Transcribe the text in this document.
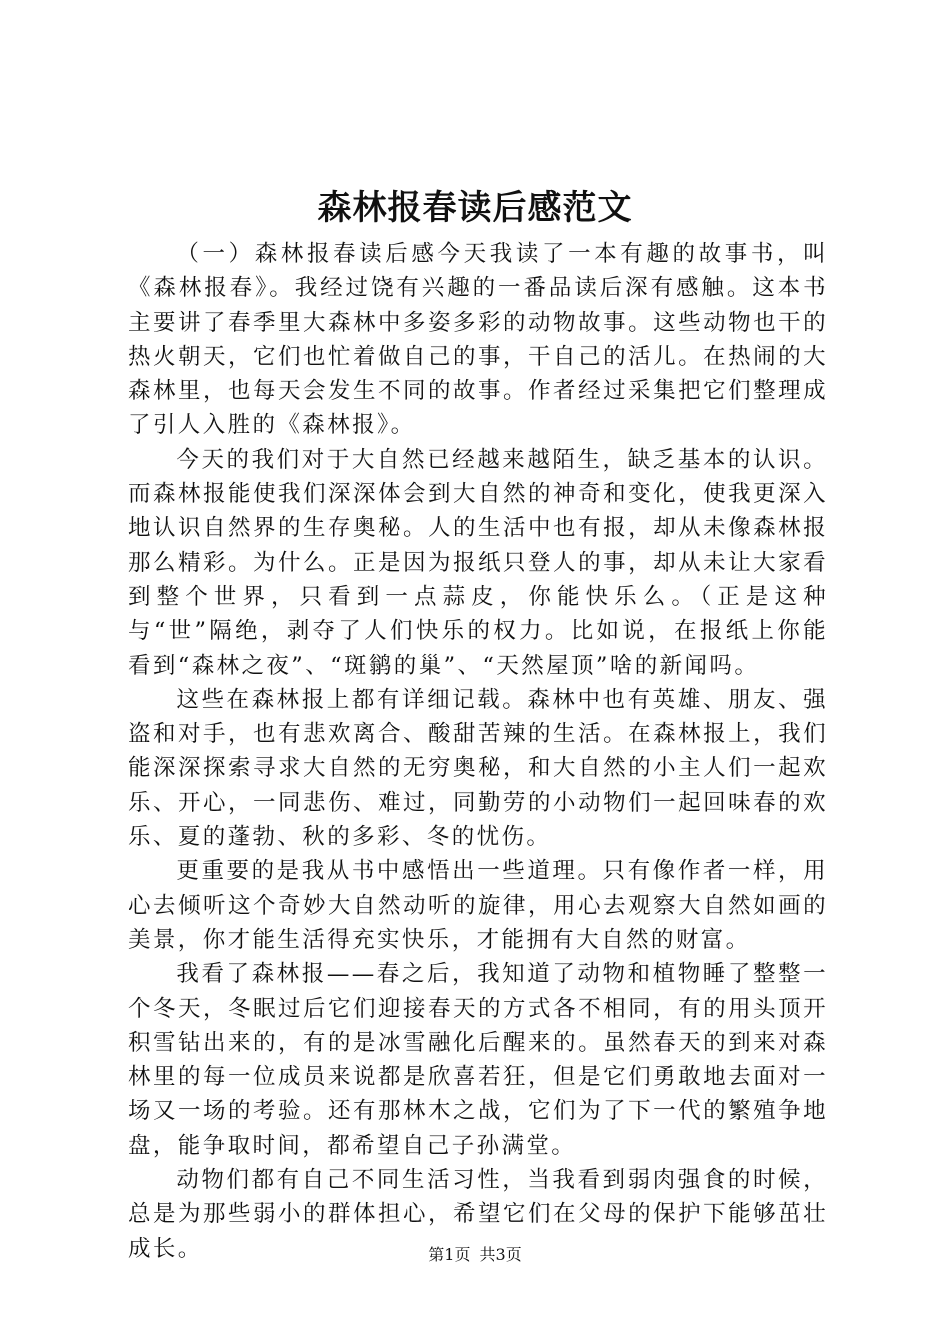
森林报春读后感范文

（一）森林报春读后感今天我读了一本有趣的故事书，叫《森林报春》。我经过饶有兴趣的一番品读后深有感触。这本书主要讲了春季里大森林中多姿多彩的动物故事。这些动物也干的热火朝天，它们也忙着做自己的事，干自己的活儿。在热闹的大森林里，也每天会发生不同的故事。作者经过采集把它们整理成了引人入胜的《森林报》。

今天的我们对于大自然已经越来越陌生，缺乏基本的认识。而森林报能使我们深深体会到大自然的神奇和变化，使我更深入地认识自然界的生存奥秘。人的生活中也有报，却从未像森林报那么精彩。为什么。正是因为报纸只登人的事，却从未让大家看到整个世界，只看到一点蒜皮，你能快乐么。（正是这种与“世”隔绝，剥夺了人们快乐的权力。比如说，在报纸上你能看到“森林之夜”、“斑鹟的巢”、“天然屋顶”啥的新闻吗。

这些在森林报上都有详细记载。森林中也有英雄、朋友、强盗和对手，也有悲欢离合、酸甜苦辣的生活。在森林报上，我们能深深探索寻求大自然的无穷奥秘，和大自然的小主人们一起欢乐、开心，一同悲伤、难过，同勤劳的小动物们一起回味春的欢乐、夏的蓬勃、秋的多彩、冬的忧伤。

更重要的是我从书中感悟出一些道理。只有像作者一样，用心去倾听这个奇妙大自然动听的旋律，用心去观察大自然如画的美景，你才能生活得充实快乐，才能拥有大自然的财富。

我看了森林报——春之后，我知道了动物和植物睡了整整一个冬天，冬眠过后它们迎接春天的方式各不相同，有的用头顶开积雪钻出来的，有的是冰雪融化后醒来的。虽然春天的到来对森林里的每一位成员来说都是欣喜若狂，但是它们勇敢地去面对一场又一场的考验。还有那林木之战，它们为了下一代的繁殖争地盘，能争取时间，都希望自己子孙满堂。

动物们都有自己不同生活习性，当我看到弱肉强食的时候，总是为那些弱小的群体担心，希望它们在父母的保护下能够茁壮成长。	第1页 共3页
